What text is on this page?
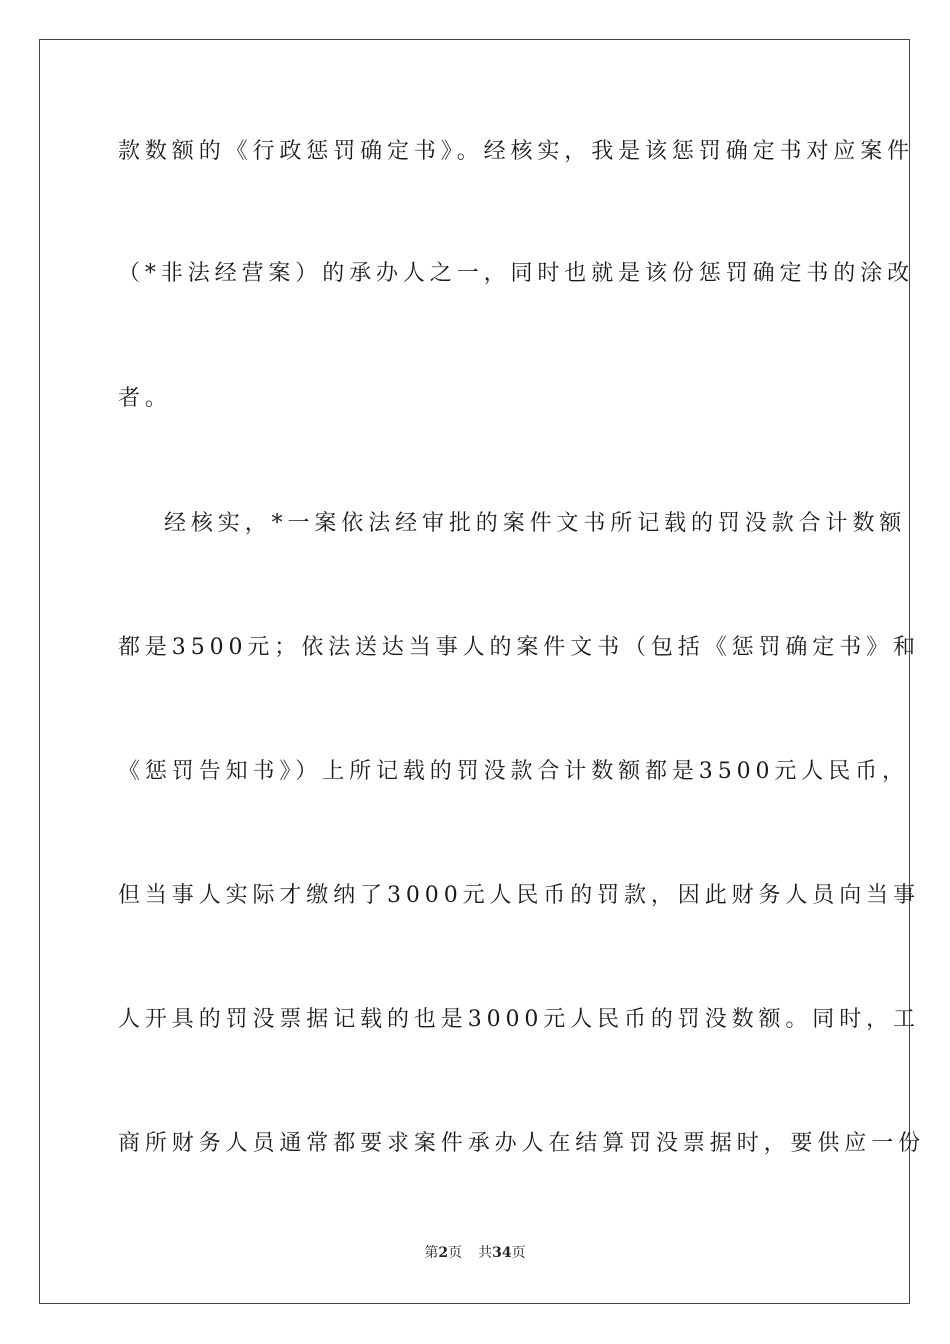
款数额的《行政惩罚确定书》。经核实，我是该惩罚确定书对应案件
（*非法经营案）的承办人之一，同时也就是该份惩罚确定书的涂改
者。
经核实，*一案依法经审批的案件文书所记载的罚没款合计数额
都是3500元；依法送达当事人的案件文书（包括《惩罚确定书》和
《惩罚告知书》）上所记载的罚没款合计数额都是3500元人民币，
但当事人实际才缴纳了3000元人民币的罚款，因此财务人员向当事
人开具的罚没票据记载的也是3000元人民币的罚没数额。同时，工
商所财务人员通常都要求案件承办人在结算罚没票据时，要供应一份
第2页 共34页
